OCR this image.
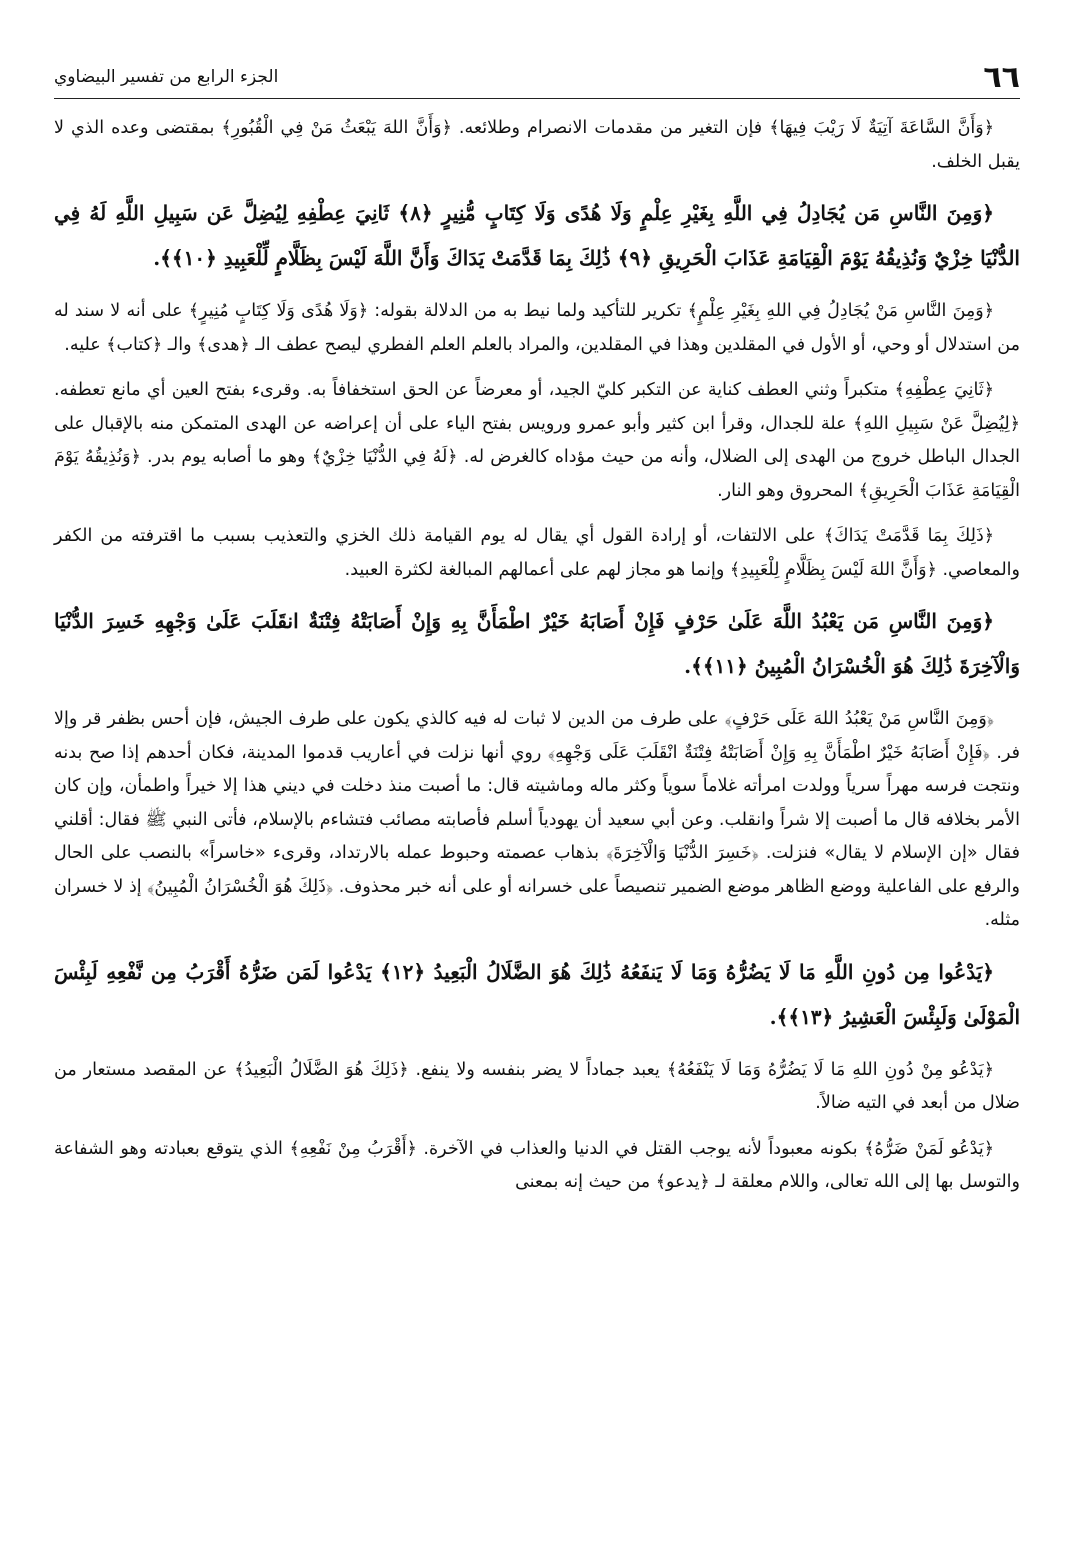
٦٦
الجزء الرابع من تفسير البيضاوي

﴿وَأَنَّ السَّاعَةَ آتِيَةٌ لَا رَيْبَ فِيهَا﴾ فإن التغير من مقدمات الانصرام وطلائعه. ﴿وَأَنَّ اللهَ يَبْعَثُ مَنْ فِي الْقُبُورِ﴾ بمقتضى وعده الذي لا يقبل الخلف.

﴿وَمِنَ النَّاسِ مَن يُجَادِلُ فِي اللَّهِ بِغَيْرِ عِلْمٍ وَلَا هُدًى وَلَا كِتَابٍ مُّنِيرٍ ﴿٨﴾ ثَانِيَ عِطْفِهِ لِيُضِلَّ عَن سَبِيلِ اللَّهِ لَهُ فِي الدُّنْيَا خِزْيٌ وَنُذِيقُهُ يَوْمَ الْقِيَامَةِ عَذَابَ الْحَرِيقِ ﴿٩﴾ ذَٰلِكَ بِمَا قَدَّمَتْ يَدَاكَ وَأَنَّ اللَّهَ لَيْسَ بِظَلَّامٍ لِّلْعَبِيدِ ﴿١٠﴾﴾.

﴿وَمِنَ النَّاسِ مَنْ يُجَادِلُ فِي اللهِ بِغَيْرِ عِلْمٍ﴾ تكرير للتأكيد ولما نيط به من الدلالة بقوله: ﴿وَلَا هُدًى وَلَا كِتَابٍ مُنِيرٍ﴾ على أنه لا سند له من استدلال أو وحي، أو الأول في المقلدين وهذا في المقلدين، والمراد بالعلم العلم الفطري ليصح عطف الـ ﴿هدى﴾ والـ ﴿كتاب﴾ عليه.

﴿ثَانِيَ عِطْفِهِ﴾ متكبراً وثني العطف كناية عن التكبر كليّ الجيد، أو معرضاً عن الحق استخفافاً به. وقرىء بفتح العين أي مانع تعطفه. ﴿لِيُضِلَّ عَنْ سَبِيلِ اللهِ﴾ علة للجدال، وقرأ ابن كثير وأبو عمرو ورويس بفتح الياء على أن إعراضه عن الهدى المتمكن منه بالإقبال على الجدال الباطل خروج من الهدى إلى الضلال، وأنه من حيث مؤداه كالغرض له. ﴿لَهُ فِي الدُّنْيَا خِزْيٌ﴾ وهو ما أصابه يوم بدر. ﴿وَنُذِيقُهُ يَوْمَ الْقِيَامَةِ عَذَابَ الْحَرِيقِ﴾ المحروق وهو النار.

﴿ذَلِكَ بِمَا قَدَّمَتْ يَدَاكَ﴾ على الالتفات، أو إرادة القول أي يقال له يوم القيامة ذلك الخزي والتعذيب بسبب ما اقترفته من الكفر والمعاصي. ﴿وَأَنَّ اللهَ لَيْسَ بِظَلَّامٍ لِلْعَبِيدِ﴾ وإنما هو مجاز لهم على أعمالهم المبالغة لكثرة العبيد.

﴿وَمِنَ النَّاسِ مَن يَعْبُدُ اللَّهَ عَلَىٰ حَرْفٍ فَإِنْ أَصَابَهُ خَيْرٌ اطْمَأَنَّ بِهِ وَإِنْ أَصَابَتْهُ فِتْنَةٌ انقَلَبَ عَلَىٰ وَجْهِهِ خَسِرَ الدُّنْيَا وَالْآخِرَةَ ذَٰلِكَ هُوَ الْخُسْرَانُ الْمُبِينُ ﴿١١﴾﴾.

﴿وَمِنَ النَّاسِ مَنْ يَعْبُدُ اللهَ عَلَى حَرْفٍ﴾ على طرف من الدين لا ثبات له فيه كالذي يكون على طرف الجيش، فإن أحس بظفر قر وإلا فر. ﴿فَإِنْ أَصَابَهُ خَيْرٌ اطْمَأَنَّ بِهِ وَإِنْ أَصَابَتْهُ فِتْنَةٌ انْقَلَبَ عَلَى وَجْهِهِ﴾ روي أنها نزلت في أعاريب قدموا المدينة، فكان أحدهم إذا صح بدنه ونتجت فرسه مهراً سرياً وولدت امرأته غلاماً سوياً وكثر ماله وماشيته قال: ما أصبت منذ دخلت في ديني هذا إلا خيراً واطمأن، وإن كان الأمر بخلافه قال ما أصبت إلا شراً وانقلب. وعن أبي سعيد أن يهودياً أسلم فأصابته مصائب فتشاءم بالإسلام، فأتى النبي ﷺ فقال: أقلني فقال «إن الإسلام لا يقال» فنزلت. ﴿خَسِرَ الدُّنْيَا وَالْآخِرَةَ﴾ بذهاب عصمته وحبوط عمله بالارتداد، وقرىء «خاسراً» بالنصب على الحال والرفع على الفاعلية ووضع الظاهر موضع الضمير تنصيصاً على خسرانه أو على أنه خبر محذوف. ﴿ذَلِكَ هُوَ الْخُسْرَانُ الْمُبِينُ﴾ إذ لا خسران مثله.

﴿يَدْعُوا مِن دُونِ اللَّهِ مَا لَا يَضُرُّهُ وَمَا لَا يَنفَعُهُ ذَٰلِكَ هُوَ الضَّلَالُ الْبَعِيدُ ﴿١٢﴾ يَدْعُوا لَمَن ضَرُّهُ أَقْرَبُ مِن نَّفْعِهِ لَبِئْسَ الْمَوْلَىٰ وَلَبِئْسَ الْعَشِيرُ ﴿١٣﴾﴾.

﴿يَدْعُو مِنْ دُونِ اللهِ مَا لَا يَضُرُّهُ وَمَا لَا يَنْفَعُهُ﴾ يعبد جماداً لا يضر بنفسه ولا ينفع. ﴿ذَلِكَ هُوَ الضَّلَالُ الْبَعِيدُ﴾ عن المقصد مستعار من ضلال من أبعد في التيه ضالاً.

﴿يَدْعُو لَمَنْ ضَرُّهُ﴾ بكونه معبوداً لأنه يوجب القتل في الدنيا والعذاب في الآخرة. ﴿أَقْرَبُ مِنْ نَفْعِهِ﴾ الذي يتوقع بعبادته وهو الشفاعة والتوسل بها إلى الله تعالى، واللام معلقة لـ ﴿يدعو﴾ من حيث إنه بمعنى
